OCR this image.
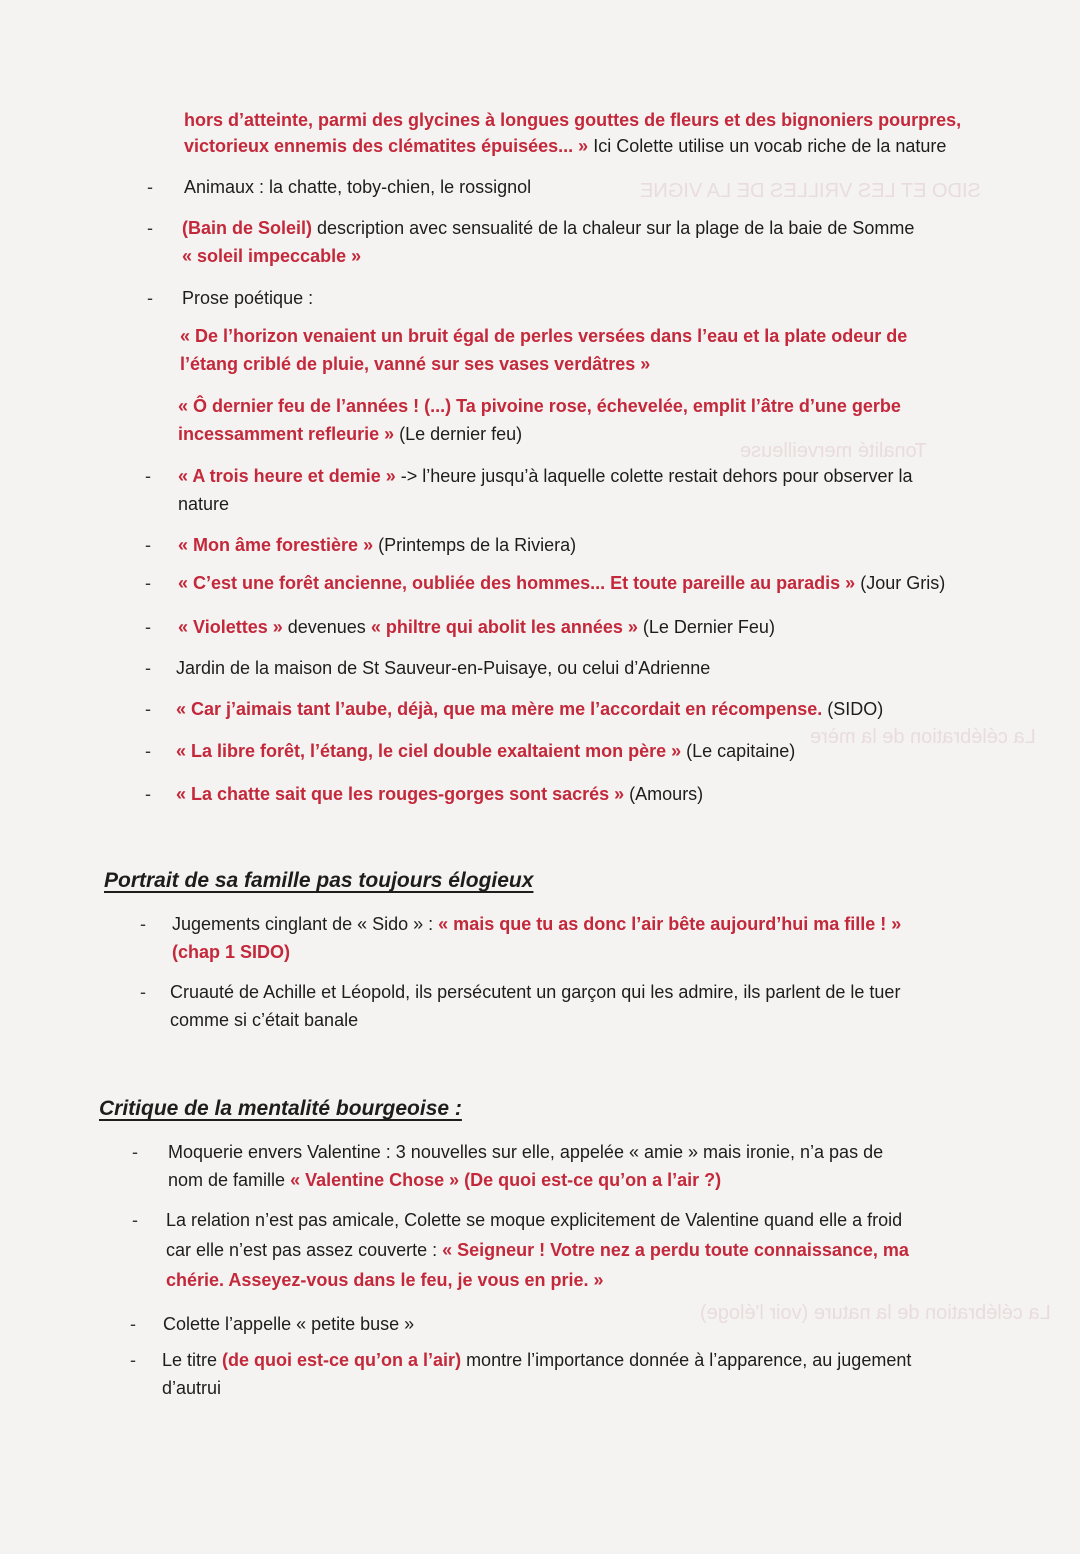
SIDO ET LES VRILLES DE LA VIGNE
Tonalité merveilleuse
La célébration de la mère
La célébration de la nature (voir l'éloge)
hors d’atteinte, parmi des glycines à longues gouttes de fleurs et des bignoniers pourpres,
victorieux ennemis des clématites épuisées... » Ici Colette utilise un vocab riche de la nature
- Animaux : la chatte, toby-chien, le rossignol
- (Bain de Soleil) description avec sensualité de la chaleur sur la plage de la baie de Somme
« soleil impeccable »
- Prose poétique :
« De l’horizon venaient un bruit égal de perles versées dans l’eau et la plate odeur de
l’étang criblé de pluie, vanné sur ses vases verdâtres »
« Ô dernier feu de l’années ! (...) Ta pivoine rose, échevelée, emplit l’âtre d’une gerbe
incessamment refleurie » (Le dernier feu)
- « A trois heure et demie » -> l’heure jusqu’à laquelle colette restait dehors pour observer la
nature
- « Mon âme forestière » (Printemps de la Riviera)
- « C’est une forêt ancienne, oubliée des hommes... Et toute pareille au paradis » (Jour Gris)
- « Violettes » devenues « philtre qui abolit les années » (Le Dernier Feu)
- Jardin de la maison de St Sauveur-en-Puisaye, ou celui d’Adrienne
- « Car j’aimais tant l’aube, déjà, que ma mère me l’accordait en récompense. (SIDO)
- « La libre forêt, l’étang, le ciel double exaltaient mon père » (Le capitaine)
- « La chatte sait que les rouges-gorges sont sacrés » (Amours)
Portrait de sa famille pas toujours élogieux
- Jugements cinglant de « Sido » : « mais que tu as donc l’air bête aujourd’hui ma fille ! »
(chap 1 SIDO)
- Cruauté de Achille et Léopold, ils persécutent un garçon qui les admire, ils parlent de le tuer
comme si c’était banale
Critique de la mentalité bourgeoise :
- Moquerie envers Valentine : 3 nouvelles sur elle, appelée « amie » mais ironie, n’a pas de
nom de famille « Valentine Chose » (De quoi est-ce qu’on a l’air ?)
- La relation n’est pas amicale, Colette se moque explicitement de Valentine quand elle a froid
car elle n’est pas assez couverte : « Seigneur ! Votre nez a perdu toute connaissance, ma
chérie. Asseyez-vous dans le feu, je vous en prie. »
- Colette l’appelle « petite buse »
- Le titre (de quoi est-ce qu’on a l’air) montre l’importance donnée à l’apparence, au jugement
d’autrui
